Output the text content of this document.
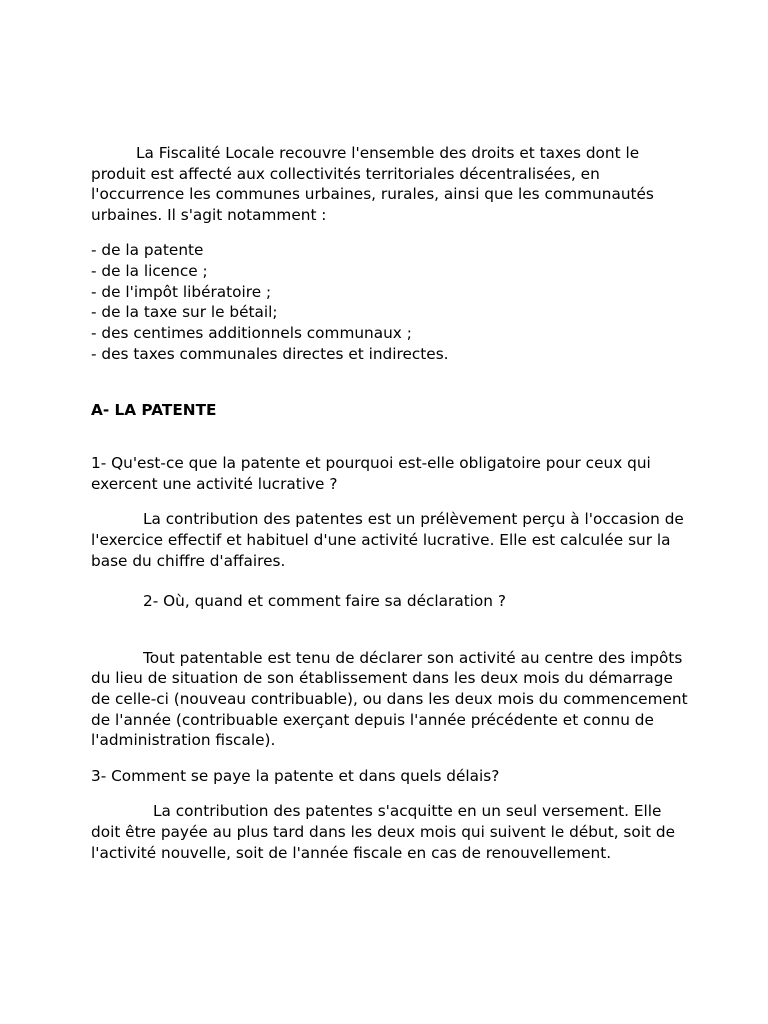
La Fiscalité Locale recouvre l'ensemble des droits et taxes dont le produit est affecté aux collectivités territoriales décentralisées, en l'occurrence les communes urbaines, rurales, ainsi que les communautés urbaines. Il s'agit notamment :

- de la patente
- de la licence ;
- de l'impôt libératoire ;
- de la taxe sur le bétail;
- des centimes additionnels communaux ;
- des taxes communales directes et indirectes.

A- LA PATENTE

1- Qu'est-ce que la patente et pourquoi est-elle obligatoire pour ceux qui exercent une activité lucrative ?

La contribution des patentes est un prélèvement perçu à l'occasion de l'exercice effectif et habituel d'une activité lucrative. Elle est calculée sur la base du chiffre d'affaires.

2- Où, quand et comment faire sa déclaration ?

Tout patentable est tenu de déclarer son activité au centre des impôts du lieu de situation de son établissement dans les deux mois du démarrage de celle-ci (nouveau contribuable), ou dans les deux mois du commencement de l'année (contribuable exerçant depuis l'année précédente et connu de l'administration fiscale).

3- Comment se paye la patente et dans quels délais?

La contribution des patentes s'acquitte en un seul versement. Elle doit être payée au plus tard dans les deux mois qui suivent le début, soit de l'activité nouvelle, soit de l'année fiscale en cas de renouvellement.
